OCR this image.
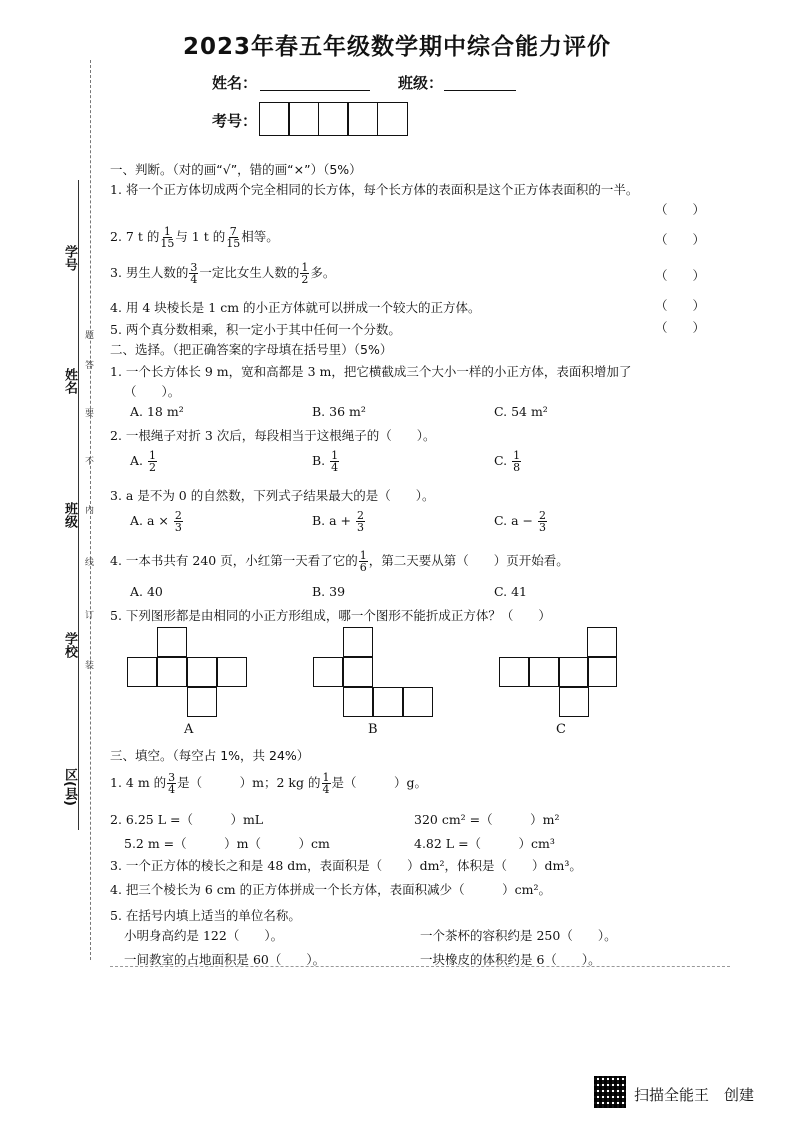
2023年春五年级数学期中综合能力评价
姓名：	班级：
考号：
学号
姓名
班级
学校
区(县)
题
答
要
不
内
线
订
装
一、判断。（对的画“√”，错的画“×”）（5%）
1. 将一个正方体切成两个完全相同的长方体，每个长方体的表面积是这个正方体表面积的一半。
（　　）
2. 7 t 的 $\frac{1}{15}$ 与 1 t 的 $\frac{7}{15}$ 相等。	（　　）
3. 男生人数的 $\frac{3}{4}$ 一定比女生人数的 $\frac{1}{2}$ 多。	（　　）
4. 用 4 块棱长是 1 cm 的小正方体就可以拼成一个较大的正方体。	（　　）
5. 两个真分数相乘，积一定小于其中任何一个分数。	（　　）
二、选择。（把正确答案的字母填在括号里）（5%）
1. 一个长方体长 9 m，宽和高都是 3 m，把它横截成三个大小一样的小正方体，表面积增加了
（　　）。
A. 18 m²	B. 36 m²	C. 54 m²
2. 一根绳子对折 3 次后，每段相当于这根绳子的（　　）。
A. $\frac{1}{2}$	B. $\frac{1}{4}$	C. $\frac{1}{8}$
3. a 是不为 0 的自然数，下列式子结果最大的是（　　）。
A. $a \times \frac{2}{3}$	B. $a + \frac{2}{3}$	C. $a - \frac{2}{3}$
4. 一本书共有 240 页，小红第一天看了它的 $\frac{1}{6}$ ，第二天要从第（　　）页开始看。
A. 40	B. 39	C. 41
5. 下列图形都是由相同的小正方形组成，哪一个图形不能折成正方体？（　　）
A	B	C
三、填空。（每空占 1%，共 24%）
1. 4 m 的 $\frac{3}{4}$ 是（　　　）m；2 kg 的 $\frac{1}{4}$ 是（　　　）g。
2. 6.25 L =（　　　）mL	320 cm² =（　　　）m²
5.2 m =（　　　）m（　　　）cm	4.82 L =（　　　）cm³
3. 一个正方体的棱长之和是 48 dm，表面积是（　　）dm²，体积是（　　）dm³。
4. 把三个棱长为 6 cm 的正方体拼成一个长方体，表面积减少（　　　）cm²。
5. 在括号内填上适当的单位名称。
小明身高约是 122（　　）。	一个茶杯的容积约是 250（　　）。
一间教室的占地面积是 60（　　）。	一块橡皮的体积约是 6（　　）。
扫描全能王　创建
